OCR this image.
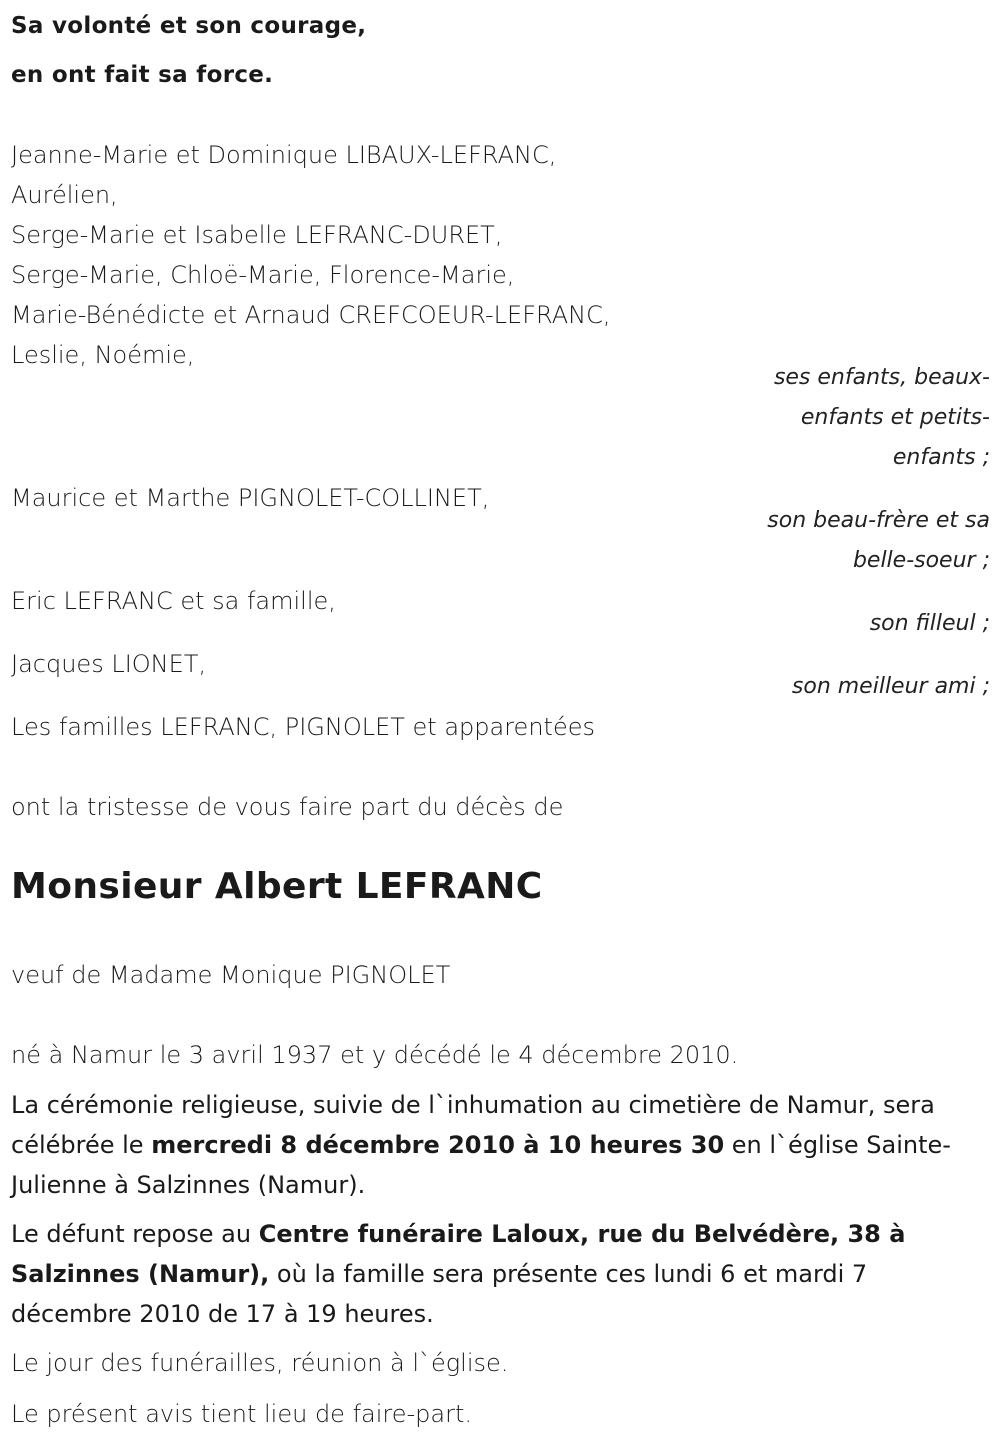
Sa volonté et son courage,

en ont fait sa force.

Jeanne-Marie et Dominique LIBAUX-LEFRANC,

Aurélien,

Serge-Marie et Isabelle LEFRANC-DURET,

Serge-Marie, Chloë-Marie, Florence-Marie,

Marie-Bénédicte et Arnaud CREFCOEUR-LEFRANC,

Leslie, Noémie,

ses enfants, beaux-

enfants et petits-

enfants ;

Maurice et Marthe PIGNOLET-COLLINET,

son beau-frère et sa

belle-soeur ;

Eric LEFRANC et sa famille,

son filleul ;

Jacques LIONET,

son meilleur ami ;

Les familles LEFRANC, PIGNOLET et apparentées

ont la tristesse de vous faire part du décès de

Monsieur Albert LEFRANC

veuf de Madame Monique PIGNOLET

né à Namur le 3 avril 1937 et y décédé le 4 décembre 2010.

La cérémonie religieuse, suivie de l`inhumation au cimetière de Namur, sera célébrée le mercredi 8 décembre 2010 à 10 heures 30 en l`église Sainte-Julienne à Salzinnes (Namur).

Le défunt repose au Centre funéraire Laloux, rue du Belvédère, 38 à Salzinnes (Namur), où la famille sera présente ces lundi 6 et mardi 7 décembre 2010 de 17 à 19 heures.

Le jour des funérailles, réunion à l`église.

Le présent avis tient lieu de faire-part.
